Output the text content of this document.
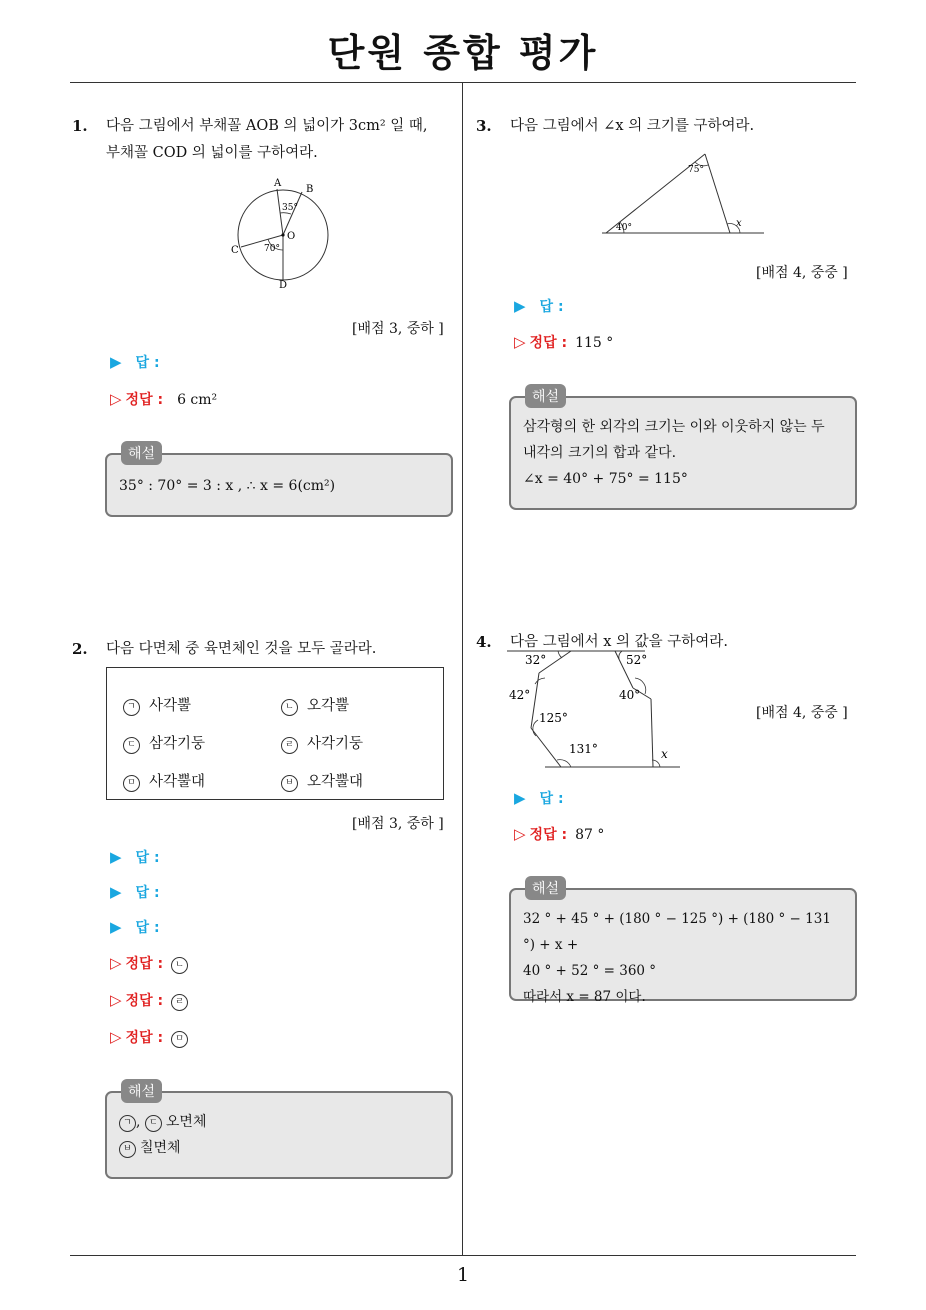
단원 종합 평가
1
1. 다음 그림에서 부채꼴 AOB 의 넓이가 3cm² 일 때,
부채꼴 COD 의 넓이를 구하여라.
A
B
C
D
O
35°
70°
[배점 3, 중하 ]
▶ 답 :
▷ 정답 : 6 cm²
해설
35° : 70° = 3 : x , ∴ x = 6(cm²)
2. 다음 다면체 중 육면체인 것을 모두 골라라.
ㄱ 사각뿔	ㄴ 오각뿔
ㄷ 삼각기둥	ㄹ 사각기둥
ㅁ 사각뿔대	ㅂ 오각뿔대
[배점 3, 중하 ]
▶ 답 :
▶ 답 :
▶ 답 :
▷ 정답 : ㄴ
▷ 정답 : ㄹ
▷ 정답 : ㅁ
해설
ㄱ , ㄷ 오면체
ㅂ 칠면체
3. 다음 그림에서 ∠x 의 크기를 구하여라.
75°
40°	x
[배점 4, 중중 ]
▶ 답 :
▷ 정답 : 115 °
해설
삼각형의 한 외각의 크기는 이와 이웃하지 않는 두
내각의 크기의 합과 같다.
∠x = 40° + 75° = 115°
4. 다음 그림에서 x 의 값을 구하여라.
32°	52°
42°	40°
125°
131°	x
[배점 4, 중중 ]
▶ 답 :
▷ 정답 : 87 °
해설
32 ° + 45 ° + (180 ° − 125 °) + (180 ° − 131 °) + x +
40 ° + 52 ° = 360 °
따라서 x = 87 이다.
